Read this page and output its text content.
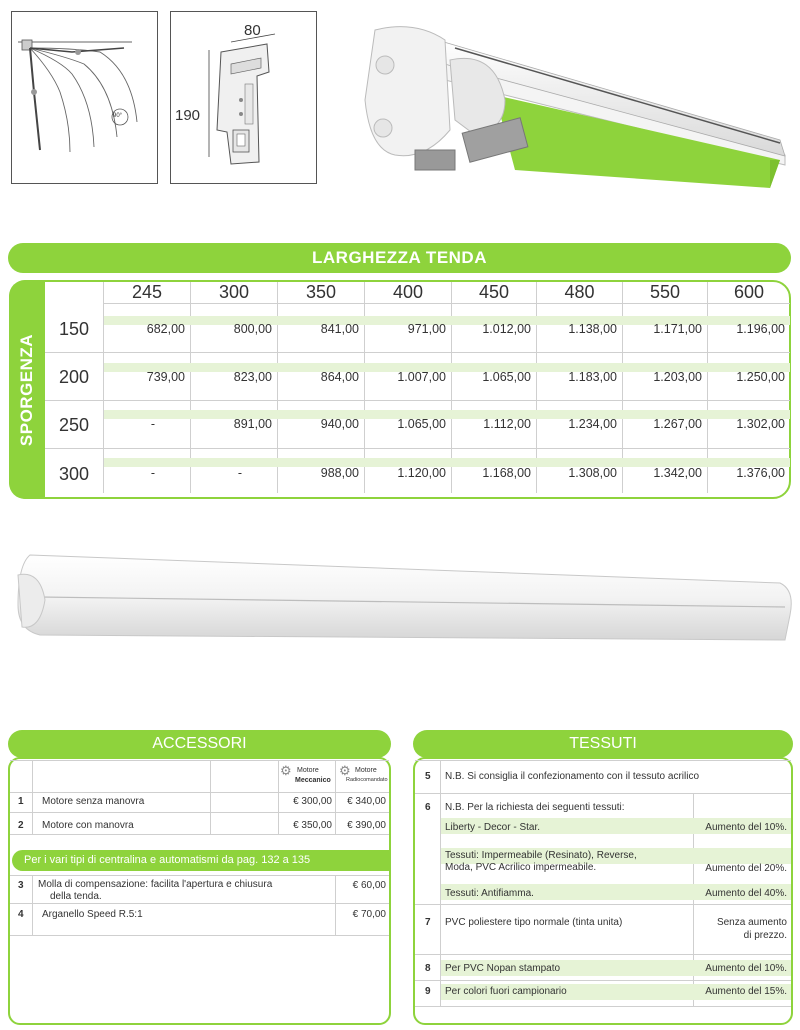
90°
80
190
LARGHEZZA TENDA
SPORGENZA
245	300	350	400	450	480	550	600
150	682,00	800,00	841,00	971,00	1.012,00	1.138,00	1.171,00	1.196,00
200	739,00	823,00	864,00	1.007,00	1.065,00	1.183,00	1.203,00	1.250,00
250	-	891,00	940,00	1.065,00	1.112,00	1.234,00	1.267,00	1.302,00
300	-	-	988,00	1.120,00	1.168,00	1.308,00	1.342,00	1.376,00
ACCESSORI
⚙ Motore
Meccanico
⚙ Motore
Radiocomandato
1 Motore senza manovra	€ 300,00	€ 340,00
2 Motore con manovra	€ 350,00	€ 390,00
Per i vari tipi di centralina e automatismi da pag. 132 a 135
3 Molla di compensazione: facilita l'apertura e chiusura
della tenda.
€ 60,00
4 Arganello Speed R.5:1	€ 70,00
TESSUTI
5 N.B. Si consiglia il confezionamento con il tessuto acrilico
6 N.B. Per la richiesta dei seguenti tessuti:
Liberty - Decor - Star.	Aumento del 10%.
Tessuti: Impermeabile (Resinato), Reverse,
Moda, PVC Acrilico impermeabile.	Aumento del 20%.
Tessuti: Antifiamma.	Aumento del 40%.
7 PVC poliestere tipo normale (tinta unita)	Senza aumento
di prezzo.
8 Per PVC Nopan stampato	Aumento del 10%.
9 Per colori fuori campionario	Aumento del 15%.
